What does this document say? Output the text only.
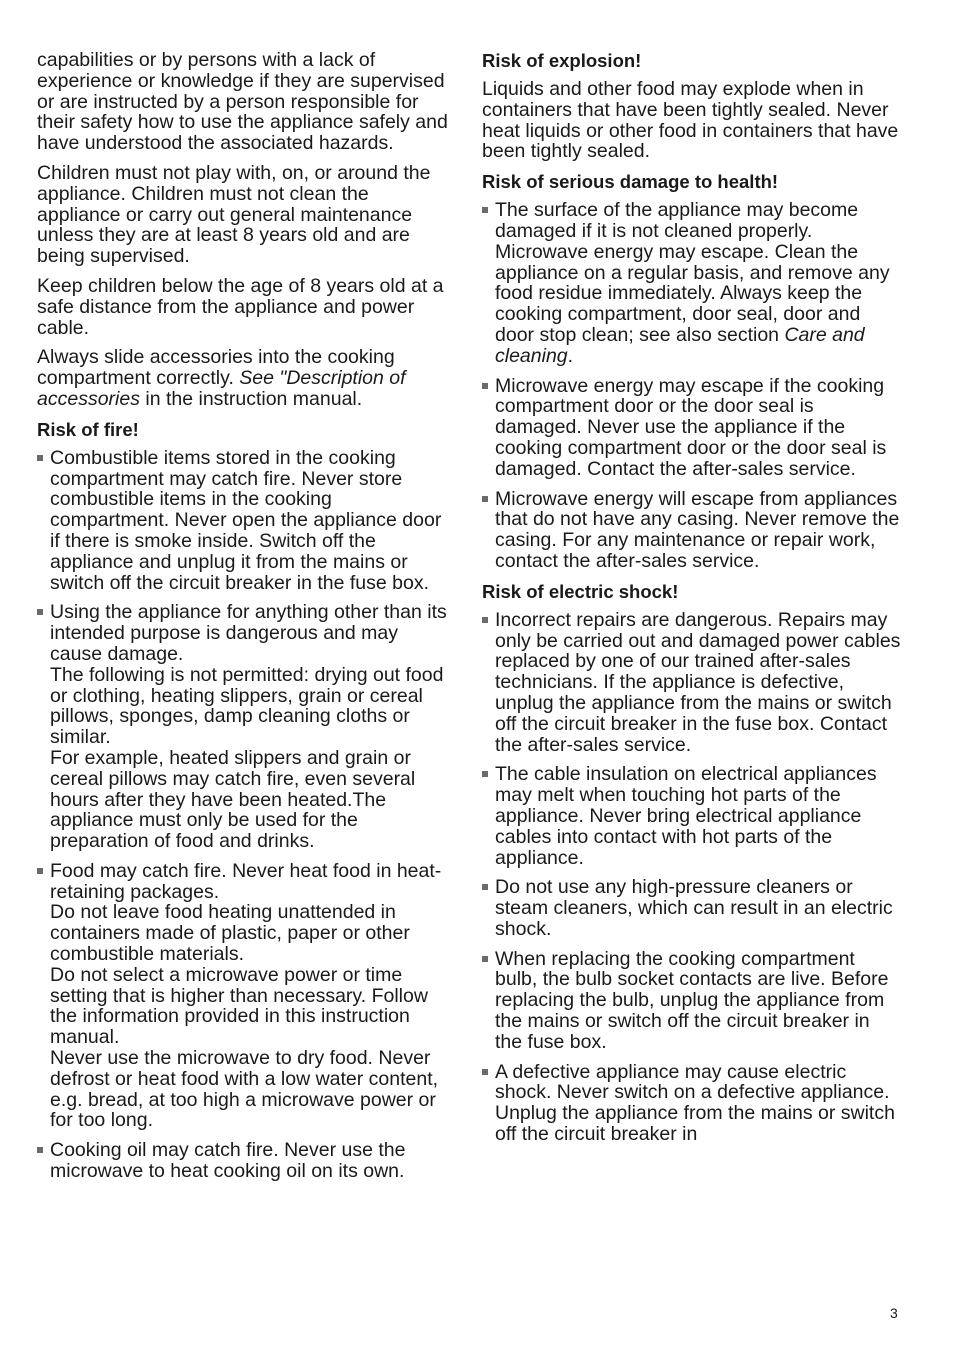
capabilities or by persons with a lack of experience or knowledge if they are supervised or are instructed by a person responsible for their safety how to use the appliance safely and have understood the associated hazards.

Children must not play with, on, or around the appliance. Children must not clean the appliance or carry out general maintenance unless they are at least 8 years old and are being supervised.

Keep children below the age of 8 years old at a safe distance from the appliance and power cable.

Always slide accessories into the cooking compartment correctly. See "Description of accessories in the instruction manual.

Risk of fire!
Combustible items stored in the cooking compartment may catch fire. Never store combustible items in the cooking compartment. Never open the appliance door if there is smoke inside. Switch off the appliance and unplug it from the mains or switch off the circuit breaker in the fuse box.
Using the appliance for anything other than its intended purpose is dangerous and may cause damage.
The following is not permitted: drying out food or clothing, heating slippers, grain or cereal pillows, sponges, damp cleaning cloths or similar.
For example, heated slippers and grain or cereal pillows may catch fire, even several hours after they have been heated.The appliance must only be used for the preparation of food and drinks.
Food may catch fire. Never heat food in heat-retaining packages.
Do not leave food heating unattended in containers made of plastic, paper or other combustible materials.
Do not select a microwave power or time setting that is higher than necessary. Follow the information provided in this instruction manual.
Never use the microwave to dry food. Never defrost or heat food with a low water content, e.g. bread, at too high a microwave power or for too long.
Cooking oil may catch fire. Never use the microwave to heat cooking oil on its own.
Risk of explosion!

Liquids and other food may explode when in containers that have been tightly sealed. Never heat liquids or other food in containers that have been tightly sealed.

Risk of serious damage to health!
The surface of the appliance may become damaged if it is not cleaned properly. Microwave energy may escape. Clean the appliance on a regular basis, and remove any food residue immediately. Always keep the cooking compartment, door seal, door and door stop clean; see also section Care and cleaning.
Microwave energy may escape if the cooking compartment door or the door seal is damaged. Never use the appliance if the cooking compartment door or the door seal is damaged. Contact the after-sales service.
Microwave energy will escape from appliances that do not have any casing. Never remove the casing. For any maintenance or repair work, contact the after-sales service.
Risk of electric shock!
Incorrect repairs are dangerous. Repairs may only be carried out and damaged power cables replaced by one of our trained after-sales technicians. If the appliance is defective, unplug the appliance from the mains or switch off the circuit breaker in the fuse box. Contact the after-sales service.
The cable insulation on electrical appliances may melt when touching hot parts of the appliance. Never bring electrical appliance cables into contact with hot parts of the appliance.
Do not use any high-pressure cleaners or steam cleaners, which can result in an electric shock.
When replacing the cooking compartment bulb, the bulb socket contacts are live. Before replacing the bulb, unplug the appliance from the mains or switch off the circuit breaker in the fuse box.
A defective appliance may cause electric shock. Never switch on a defective appliance. Unplug the appliance from the mains or switch off the circuit breaker in
3
